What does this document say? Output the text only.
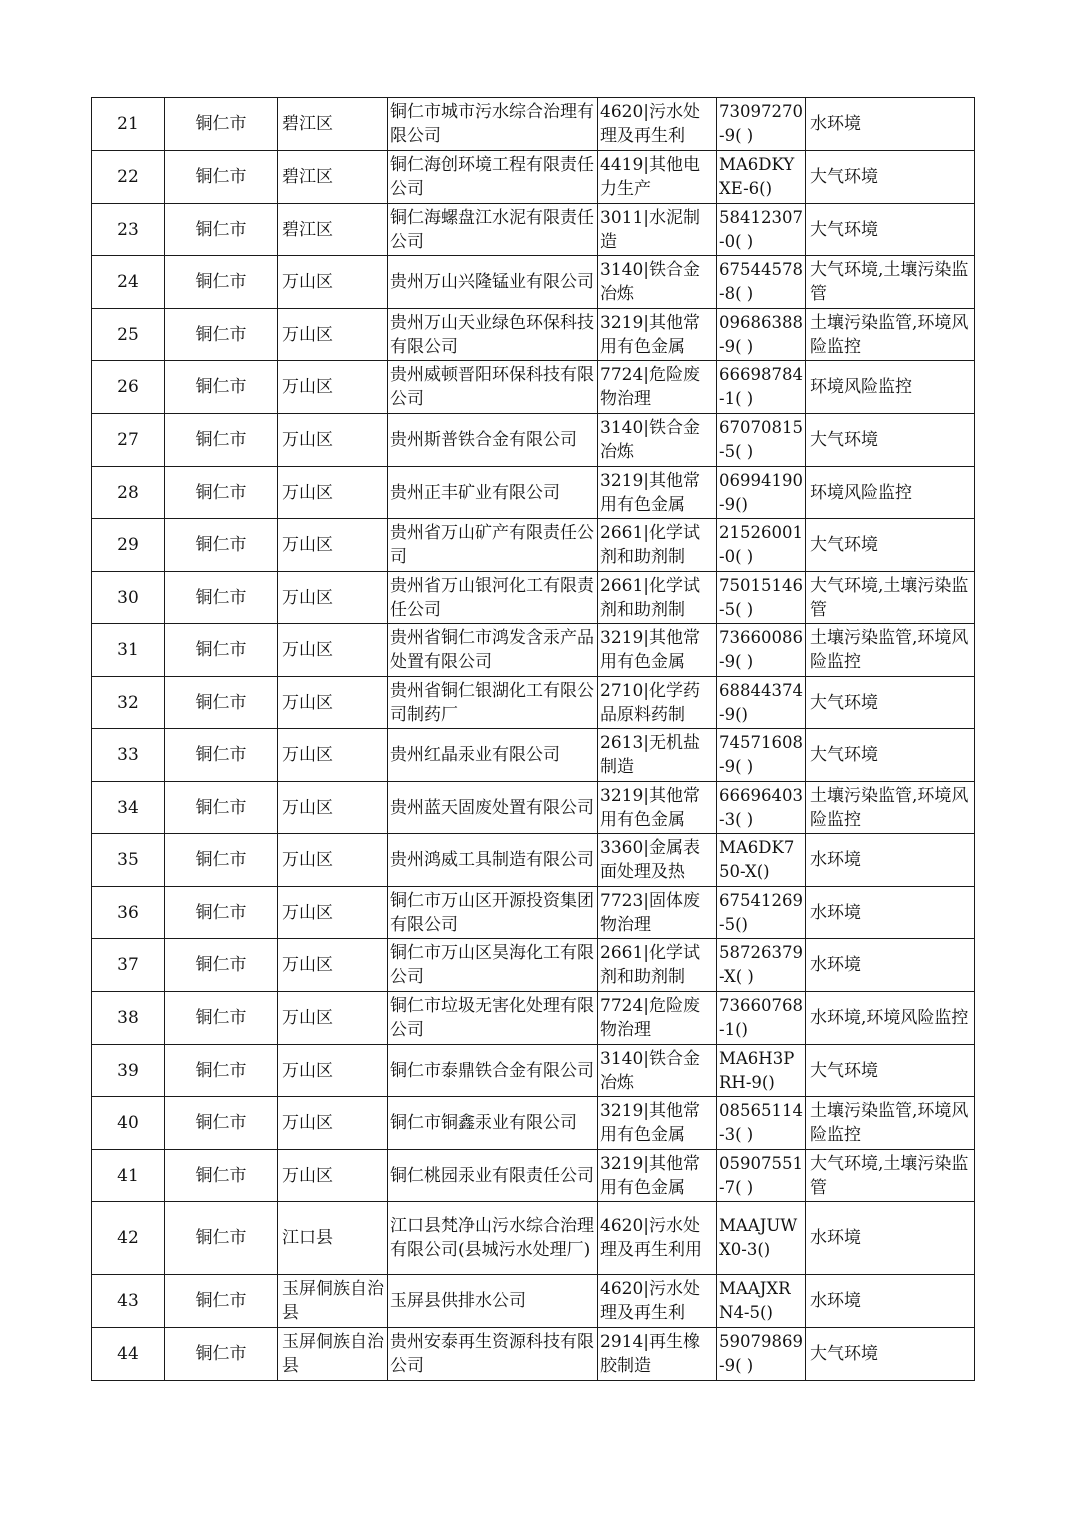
21	铜仁市	碧江区	铜仁市城市污水综合治理有限公司	4620|污水处理及再生利	73097270-9( )	水环境
22	铜仁市	碧江区	铜仁海创环境工程有限责任公司	4419|其他电力生产	MA6DKYXE-6()	大气环境
23	铜仁市	碧江区	铜仁海螺盘江水泥有限责任公司	3011|水泥制造	58412307-0( )	大气环境
24	铜仁市	万山区	贵州万山兴隆锰业有限公司	3140|铁合金冶炼	67544578-8( )	大气环境,土壤污染监管
25	铜仁市	万山区	贵州万山天业绿色环保科技有限公司	3219|其他常用有色金属	09686388-9( )	土壤污染监管,环境风险监控
26	铜仁市	万山区	贵州威顿晋阳环保科技有限公司	7724|危险废物治理	66698784-1( )	环境风险监控
27	铜仁市	万山区	贵州斯普铁合金有限公司	3140|铁合金冶炼	67070815-5( )	大气环境
28	铜仁市	万山区	贵州正丰矿业有限公司	3219|其他常用有色金属	06994190-9()	环境风险监控
29	铜仁市	万山区	贵州省万山矿产有限责任公司	2661|化学试剂和助剂制	21526001-0( )	大气环境
30	铜仁市	万山区	贵州省万山银河化工有限责任公司	2661|化学试剂和助剂制	75015146-5( )	大气环境,土壤污染监管
31	铜仁市	万山区	贵州省铜仁市鸿发含汞产品处置有限公司	3219|其他常用有色金属	73660086-9( )	土壤污染监管,环境风险监控
32	铜仁市	万山区	贵州省铜仁银湖化工有限公司制药厂	2710|化学药品原料药制	68844374-9()	大气环境
33	铜仁市	万山区	贵州红晶汞业有限公司	2613|无机盐制造	74571608-9( )	大气环境
34	铜仁市	万山区	贵州蓝天固废处置有限公司	3219|其他常用有色金属	66696403-3( )	土壤污染监管,环境风险监控
35	铜仁市	万山区	贵州鸿威工具制造有限公司	3360|金属表面处理及热	MA6DK750-X()	水环境
36	铜仁市	万山区	铜仁市万山区开源投资集团有限公司	7723|固体废物治理	67541269-5()	水环境
37	铜仁市	万山区	铜仁市万山区昊海化工有限公司	2661|化学试剂和助剂制	58726379-X( )	水环境
38	铜仁市	万山区	铜仁市垃圾无害化处理有限公司	7724|危险废物治理	73660768-1()	水环境,环境风险监控
39	铜仁市	万山区	铜仁市泰鼎铁合金有限公司	3140|铁合金冶炼	MA6H3PRH-9()	大气环境
40	铜仁市	万山区	铜仁市铜鑫汞业有限公司	3219|其他常用有色金属	08565114-3( )	土壤污染监管,环境风险监控
41	铜仁市	万山区	铜仁桃园汞业有限责任公司	3219|其他常用有色金属	05907551-7( )	大气环境,土壤污染监管
42	铜仁市	江口县	江口县梵净山污水综合治理有限公司(县城污水处理厂)	4620|污水处理及再生利用	MAAJUWX0-3()	水环境
43	铜仁市	玉屏侗族自治县	玉屏县供排水公司	4620|污水处理及再生利	MAAJXRN4-5()	水环境
44	铜仁市	玉屏侗族自治县	贵州安泰再生资源科技有限公司	2914|再生橡胶制造	59079869-9( )	大气环境
